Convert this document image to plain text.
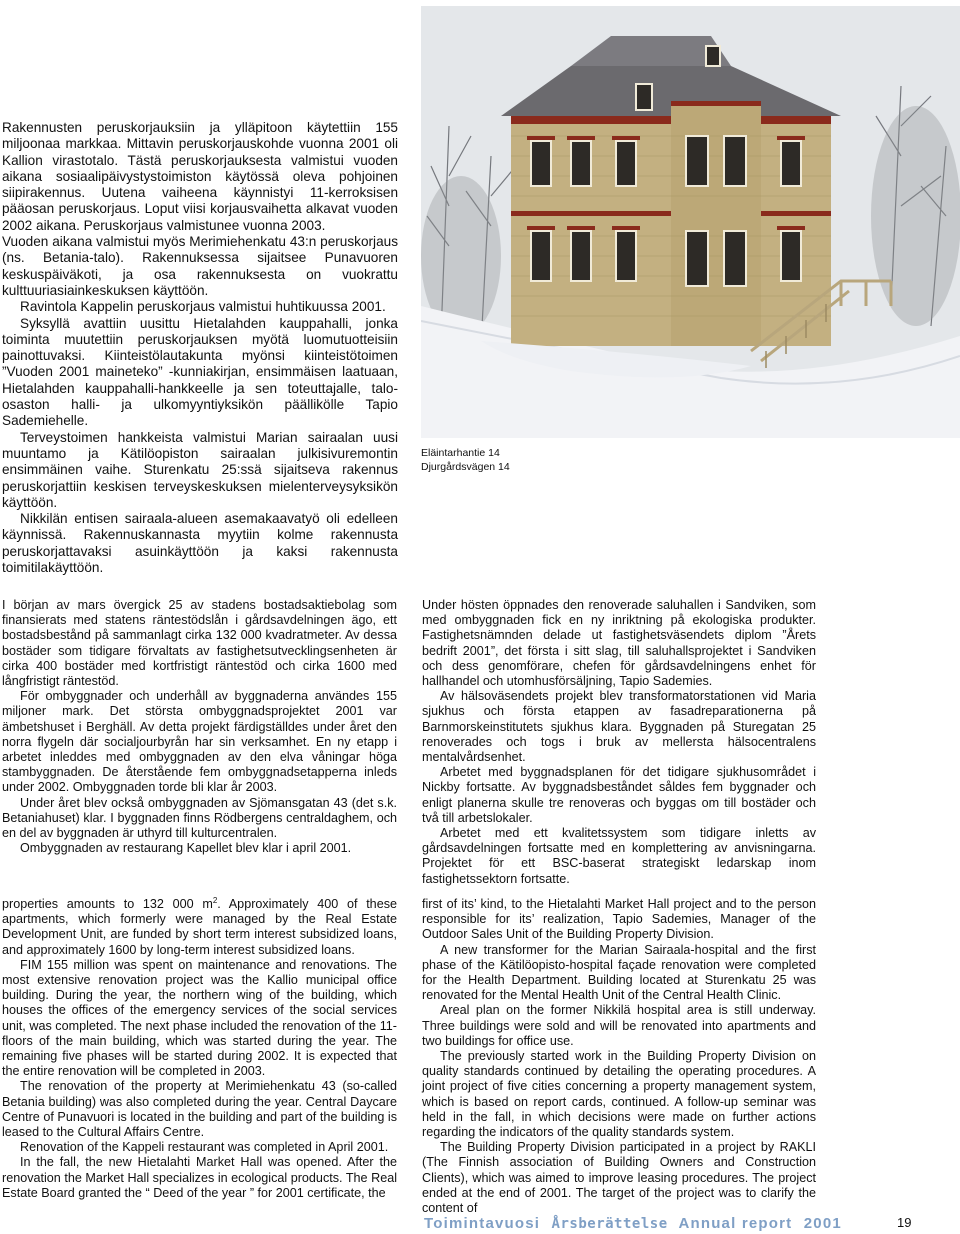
Rakennusten peruskorjauksiin ja ylläpitoon käytettiin 155 miljoonaa markkaa. Mittavin peruskorjauskohde vuonna 2001 oli Kallion virastotalo. Tästä peruskorjauksesta valmistui vuoden aikana sosiaalipäivystystoimiston käytössä oleva pohjoinen siipirakennus. Uutena vaiheena käynnistyi 11-kerroksisen pääosan peruskorjaus. Loput viisi korjausvaihetta alkavat vuoden 2002 aikana. Peruskorjaus valmistunee vuonna 2003.

Vuoden aikana valmistui myös Merimiehenkatu 43:n peruskorjaus (ns. Betania-talo). Rakennuksessa sijaitsee Punavuoren keskuspäiväkoti, ja osa rakennuksesta on vuokrattu kulttuuriasiainkeskuksen käyttöön.

Ravintola Kappelin peruskorjaus valmistui huhtikuussa 2001.

Syksyllä avattiin uusittu Hietalahden kauppahalli, jonka toiminta muutettiin peruskorjauksen myötä luomutuotteisiin painottuvaksi. Kiinteistölautakunta myönsi kiinteistötoimen ”Vuoden 2001 maineteko” -kunniakirjan, ensimmäisen laatuaan, Hietalahden kauppahalli-hankkeelle ja sen toteuttajalle, talo-osaston halli- ja ulkomyyntiyksikön päällikölle Tapio Sademiehelle.

Terveystoimen hankkeista valmistui Marian sairaalan uusi muuntamo ja Kätilöopiston sairaalan julkisivuremontin ensimmäinen vaihe. Sturenkatu 25:ssä sijaitseva rakennus peruskorjattiin keskisen terveyskeskuksen mielenterveysyksikön käyttöön.

Nikkilän entisen sairaala-alueen asemakaavatyö oli edelleen käynnissä. Rakennuskannasta myytiin kolme rakennusta peruskorjattavaksi asuinkäyttöön ja kaksi rakennusta toimitilakäyttöön.

Eläintarhantie 14
Djurgårdsvägen 14

I början av mars övergick 25 av stadens bostadsaktiebolag som finansierats med statens räntestödslån i gårdsavdelningen ägo, ett bostadsbestånd på sammanlagt cirka 132 000 kvadratmeter. Av dessa bostäder som tidigare förvaltats av fastighetsutvecklingsenheten är cirka 400 bostäder med kortfristigt räntestöd och cirka 1600 med långfristigt räntestöd.

För ombyggnader och underhåll av byggnaderna användes 155 miljoner mark. Det största ombyggnadsprojektet 2001 var ämbetshuset i Berghäll. Av detta projekt färdigställdes under året den norra flygeln där socialjourbyrån har sin verksamhet. En ny etapp i arbetet inleddes med ombyggnaden av den elva våningar höga stambyggnaden. De återstående fem ombyggnadsetapperna inleds under 2002. Ombyggnaden torde bli klar år 2003.

Under året blev också ombyggnaden av Sjömansgatan 43 (det s.k. Betaniahuset) klar. I byggnaden finns Rödbergens centraldaghem, och en del av byggnaden är uthyrd till kulturcentralen.

Ombyggnaden av restaurang Kapellet blev klar i april 2001.

Under hösten öppnades den renoverade saluhallen i Sandviken, som med ombyggnaden fick en ny inriktning på ekologiska produkter. Fastighetsnämnden delade ut fastighetsväsendets diplom ”Årets bedrift 2001”, det första i sitt slag, till saluhallsprojektet i Sandviken och dess genomförare, chefen för gårdsavdelningens enhet för hallhandel och utomhusförsäljning, Tapio Sademies.

Av hälsoväsendets projekt blev transformatorstationen vid Maria sjukhus och första etappen av fasadreparationerna på Barnmorskeinstitutets sjukhus klara. Byggnaden på Sturegatan 25 renoverades och togs i bruk av mellersta hälsocentralens mentalvårdsenhet.

Arbetet med byggnadsplanen för det tidigare sjukhusområdet i Nickby fortsatte. Av byggnadsbeståndet såldes fem byggnader och enligt planerna skulle tre renoveras och byggas om till bostäder och två till arbetslokaler.

Arbetet med ett kvalitetssystem som tidigare inletts av gårdsavdelningen fortsatte med en komplettering av anvisningarna. Projektet för ett BSC-baserat strategiskt ledarskap inom fastighetssektorn fortsatte.

properties amounts to 132 000 $m^2$. Approximately 400 of these apartments, which formerly were managed by the Real Estate Development Unit, are funded by short term interest subsidized loans, and approximately 1600 by long-term interest subsidized loans.

FIM 155 million was spent on maintenance and renovations. The most extensive renovation project was the Kallio municipal office building. During the year, the northern wing of the building, which houses the offices of the emergency services of the social services unit, was completed. The next phase included the renovation of the 11-floors of the main building, which was started during the year. The remaining five phases will be started during 2002. It is expected that the entire renovation will be completed in 2003.

The renovation of the property at Merimiehenkatu 43 (so-called Betania building) was also completed during the year. Central Daycare Centre of Punavuori is located in the building and part of the building is leased to the Cultural Affairs Centre.

Renovation of the Kappeli restaurant was completed in April 2001.

In the fall, the new Hietalahti Market Hall was opened. After the renovation the Market Hall specializes in ecological products. The Real Estate Board granted the “ Deed of the year ” for 2001 certificate, the

first of its’ kind, to the Hietalahti Market Hall project and to the person responsible for its’ realization, Tapio Sademies, Manager of the Outdoor Sales Unit of the Building Property Division.

A new transformer for the Marian Sairaala-hospital and the first phase of the Kätilöopisto-hospital façade renovation were completed for the Health Department. Building located at Sturenkatu 25 was renovated for the Mental Health Unit of the Central Health Clinic.

Areal plan on the former Nikkilä hospital area is still underway. Three buildings were sold and will be renovated into apartments and two buildings for office use.

The previously started work in the Building Property Division on quality standards continued by detailing the operating procedures. A joint project of five cities concerning a property management system, which is based on report cards, continued. A follow-up seminar was held in the fall, in which decisions were made on further actions regarding the indicators of the quality standards system.

The Building Property Division participated in a project by RAKLI (The Finnish association of Building Owners and Construction Clients), which was aimed to improve leasing procedures. The project ended at the end of 2001. The target of the project was to clarify the content of

Toimintavuosi Årsberättelse Annual report 2001	19
